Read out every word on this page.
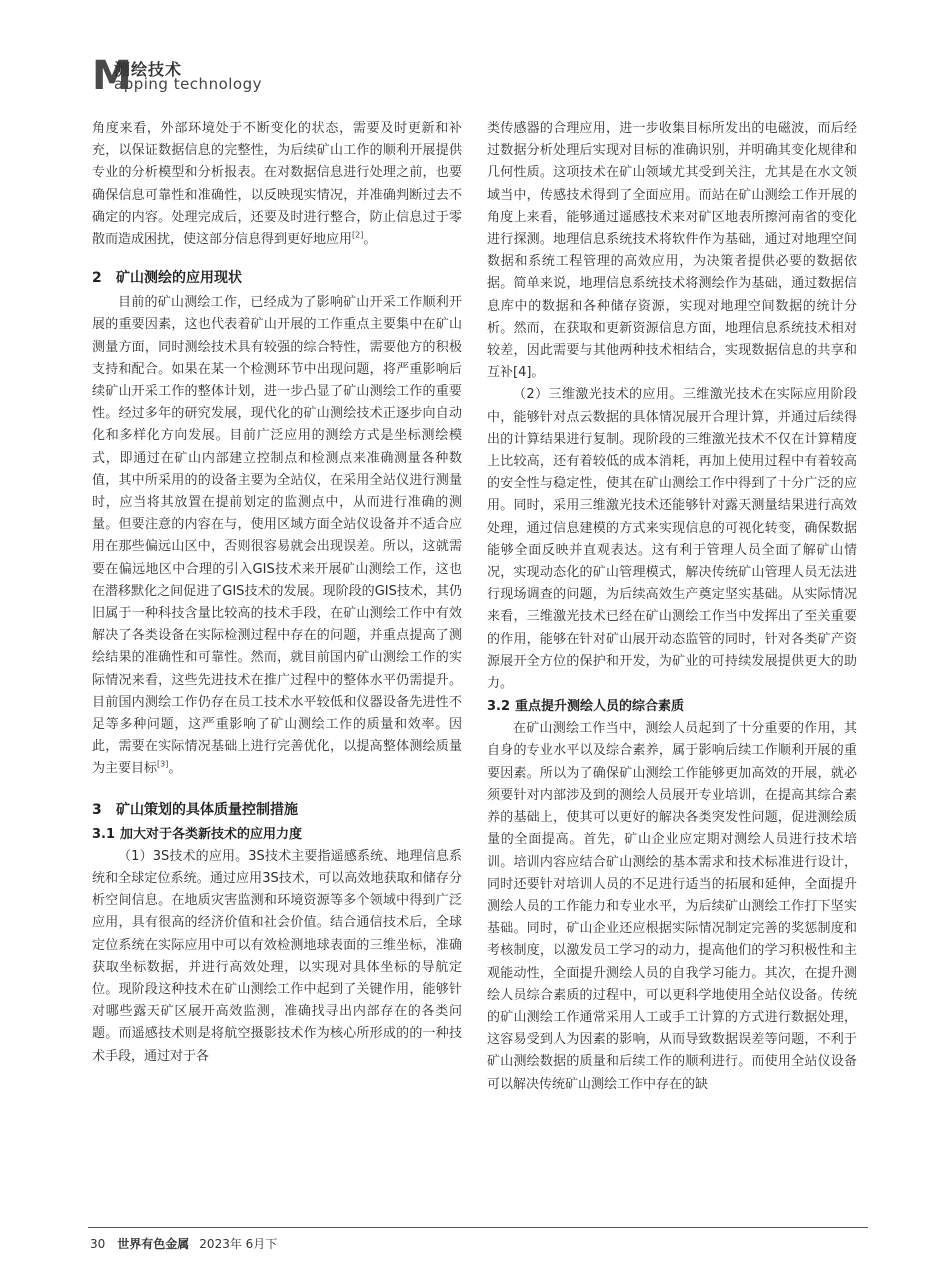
M
测绘技术
apping technology

角度来看，外部环境处于不断变化的状态，需要及时更新和补充，以保证数据信息的完整性，为后续矿山工作的顺利开展提供专业的分析模型和分析报表。在对数据信息进行处理之前，也要确保信息可靠性和准确性，以反映现实情况，并准确判断过去不确定的内容。处理完成后，还要及时进行整合，防止信息过于零散而造成困扰，使这部分信息得到更好地应用[2]。

2 矿山测绘的应用现状

目前的矿山测绘工作，已经成为了影响矿山开采工作顺利开展的重要因素，这也代表着矿山开展的工作重点主要集中在矿山测量方面，同时测绘技术具有较强的综合特性，需要他方的积极支持和配合。如果在某一个检测环节中出现问题，将严重影响后续矿山开采工作的整体计划，进一步凸显了矿山测绘工作的重要性。经过多年的研究发展，现代化的矿山测绘技术正逐步向自动化和多样化方向发展。目前广泛应用的测绘方式是坐标测绘模式，即通过在矿山内部建立控制点和检测点来准确测量各种数值，其中所采用的的设备主要为全站仪，在采用全站仪进行测量时，应当将其放置在提前划定的监测点中，从而进行准确的测量。但要注意的内容在与，使用区域方面全站仪设备并不适合应用在那些偏远山区中，否则很容易就会出现误差。所以，这就需要在偏远地区中合理的引入GIS技术来开展矿山测绘工作，这也在潜移默化之间促进了GIS技术的发展。现阶段的GIS技术，其仍旧属于一种科技含量比较高的技术手段，在矿山测绘工作中有效解决了各类设备在实际检测过程中存在的问题，并重点提高了测绘结果的准确性和可靠性。然而，就目前国内矿山测绘工作的实际情况来看，这些先进技术在推广过程中的整体水平仍需提升。目前国内测绘工作仍存在员工技术水平较低和仪器设备先进性不足等多种问题，这严重影响了矿山测绘工作的质量和效率。因此，需要在实际情况基础上进行完善优化，以提高整体测绘质量为主要目标[3]。

3 矿山策划的具体质量控制措施
3.1 加大对于各类新技术的应用力度

（1）3S技术的应用。3S技术主要指遥感系统、地理信息系统和全球定位系统。通过应用3S技术，可以高效地获取和储存分析空间信息。在地质灾害监测和环境资源等多个领域中得到广泛应用，具有很高的经济价值和社会价值。结合通信技术后，全球定位系统在实际应用中可以有效检测地球表面的三维坐标，准确获取坐标数据，并进行高效处理，以实现对具体坐标的导航定位。现阶段这种技术在矿山测绘工作中起到了关键作用，能够针对哪些露天矿区展开高效监测，准确找寻出内部存在的各类问题。而遥感技术则是将航空摄影技术作为核心所形成的的一种技术手段，通过对于各

类传感器的合理应用，进一步收集目标所发出的电磁波，而后经过数据分析处理后实现对目标的准确识别，并明确其变化规律和几何性质。这项技术在矿山领域尤其受到关注，尤其是在水文领域当中，传感技术得到了全面应用。而站在矿山测绘工作开展的角度上来看，能够通过遥感技术来对矿区地表所擦河南省的变化进行探测。地理信息系统技术将软件作为基础，通过对地理空间数据和系统工程管理的高效应用，为决策者提供必要的数据依据。简单来说，地理信息系统技术将测绘作为基础，通过数据信息库中的数据和各种储存资源，实现对地理空间数据的统计分析。然而，在获取和更新资源信息方面，地理信息系统技术相对较差，因此需要与其他两种技术相结合，实现数据信息的共享和互补[4]。

（2）三维激光技术的应用。三维激光技术在实际应用阶段中，能够针对点云数据的具体情况展开合理计算，并通过后续得出的计算结果进行复制。现阶段的三维激光技术不仅在计算精度上比较高，还有着较低的成本消耗，再加上使用过程中有着较高的安全性与稳定性，使其在矿山测绘工作中得到了十分广泛的应用。同时，采用三维激光技术还能够针对露天测量结果进行高效处理，通过信息建模的方式来实现信息的可视化转变，确保数据能够全面反映并直观表达。这有利于管理人员全面了解矿山情况，实现动态化的矿山管理模式，解决传统矿山管理人员无法进行现场调查的问题，为后续高效生产奠定坚实基础。从实际情况来看，三维激光技术已经在矿山测绘工作当中发挥出了至关重要的作用，能够在针对矿山展开动态监管的同时，针对各类矿产资源展开全方位的保护和开发，为矿业的可持续发展提供更大的助力。

3.2 重点提升测绘人员的综合素质

在矿山测绘工作当中，测绘人员起到了十分重要的作用，其自身的专业水平以及综合素养，属于影响后续工作顺利开展的重要因素。所以为了确保矿山测绘工作能够更加高效的开展，就必须要针对内部涉及到的测绘人员展开专业培训，在提高其综合素养的基础上，使其可以更好的解决各类突发性问题，促进测绘质量的全面提高。首先，矿山企业应定期对测绘人员进行技术培训。培训内容应结合矿山测绘的基本需求和技术标准进行设计，同时还要针对培训人员的不足进行适当的拓展和延伸，全面提升测绘人员的工作能力和专业水平，为后续矿山测绘工作打下坚实基础。同时，矿山企业还应根据实际情况制定完善的奖惩制度和考核制度，以激发员工学习的动力，提高他们的学习积极性和主观能动性，全面提升测绘人员的自我学习能力。其次，在提升测绘人员综合素质的过程中，可以更科学地使用全站仪设备。传统的矿山测绘工作通常采用人工或手工计算的方式进行数据处理，这容易受到人为因素的影响，从而导致数据误差等问题，不利于矿山测绘数据的质量和后续工作的顺利进行。而使用全站仪设备可以解决传统矿山测绘工作中存在的缺

30 世界有色金属 2023年 6月下
